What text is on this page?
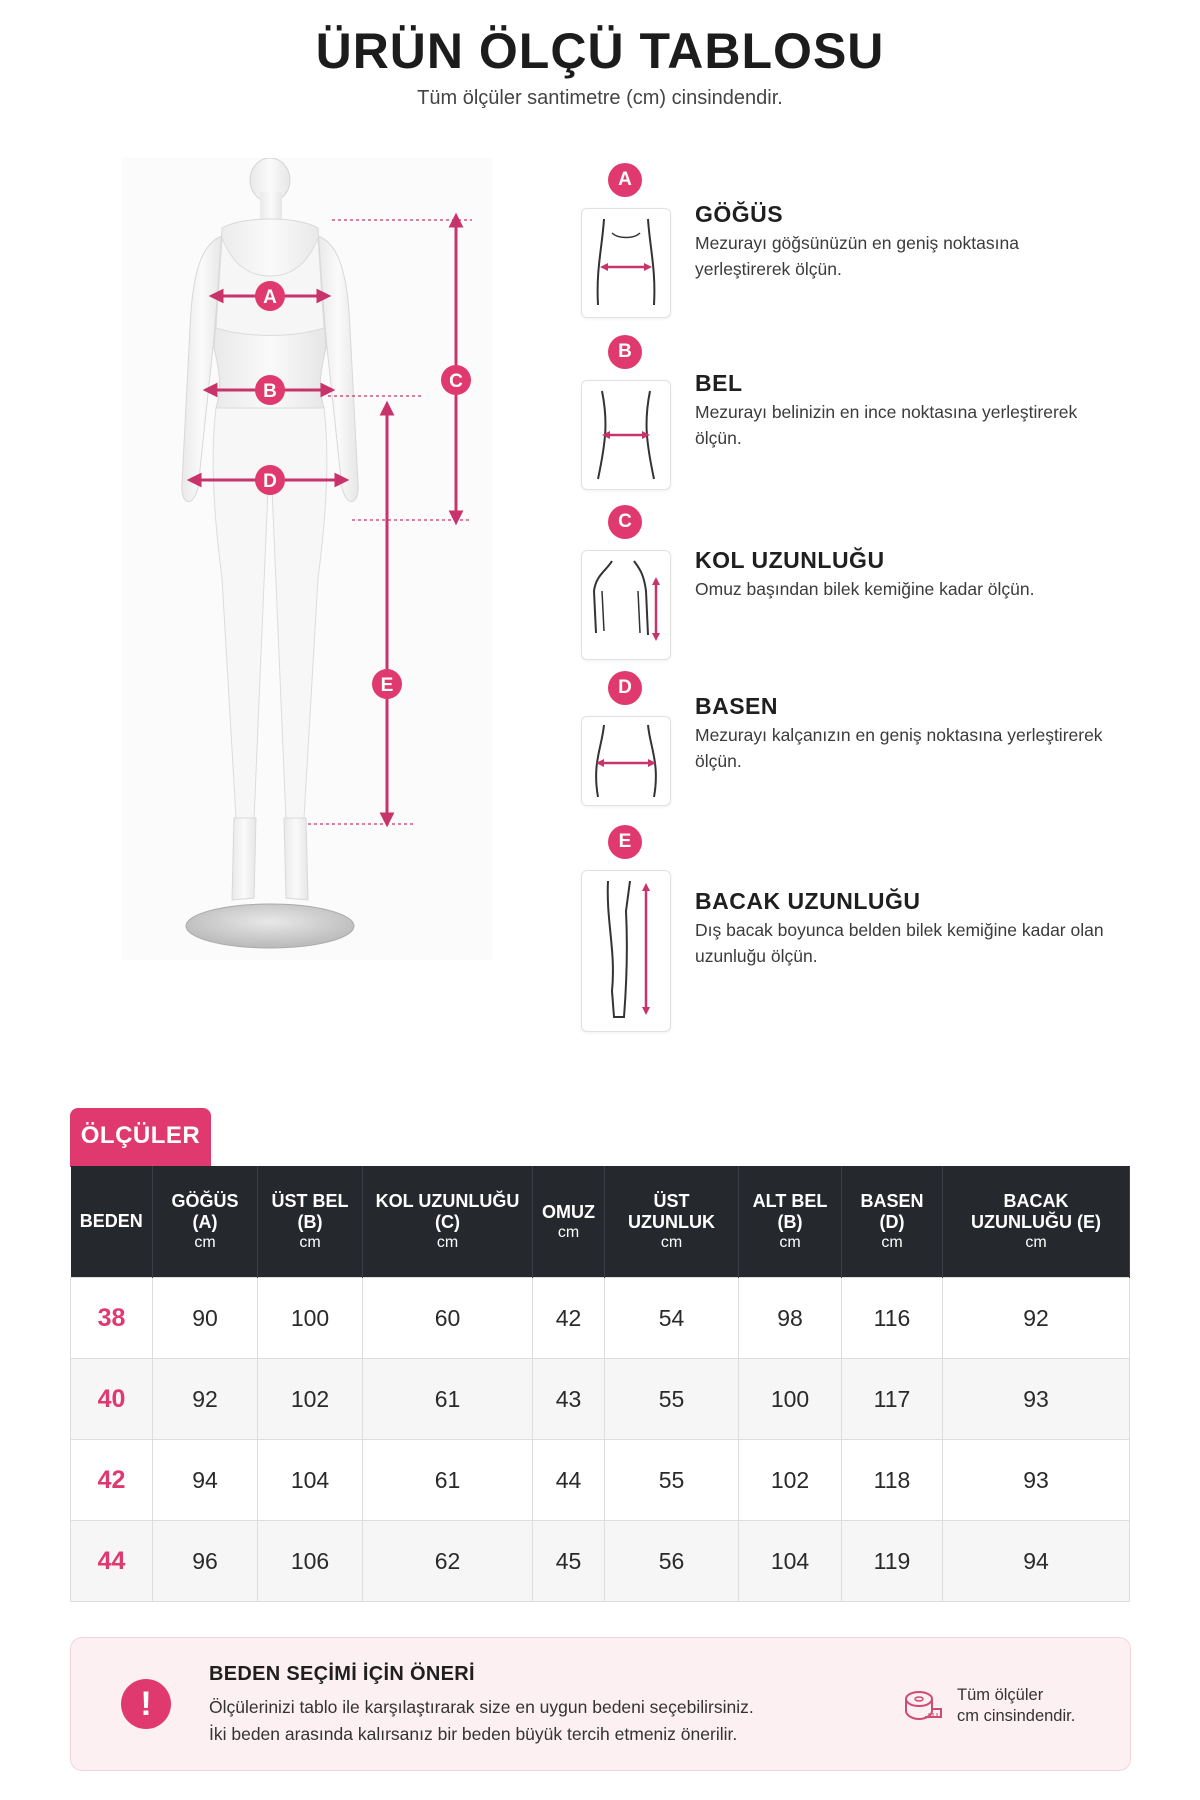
ÜRÜN ÖLÇÜ TABLOSU
Tüm ölçüler santimetre (cm) cinsindendir.
A
B	C
D
E
A
GÖĞÜS
Mezurayı göğsünüzün en geniş noktasına yerleştirerek ölçün.
B
BEL
Mezurayı belinizin en ince noktasına yerleştirerek ölçün.
C
KOL UZUNLUĞU
Omuz başından bilek kemiğine kadar ölçün.
D
BASEN
Mezurayı kalçanızın en geniş noktasına yerleştirerek ölçün.
E
BACAK UZUNLUĞU
Dış bacak boyunca belden bilek kemiğine kadar olan uzunluğu ölçün.
ÖLÇÜLER
BEDEN	GÖĞÜS
(A)
cm	ÜST BEL
(B)
cm	KOL UZUNLUĞU
(C)
cm	OMUZ
cm	ÜST
UZUNLUK
cm	ALT BEL
(B)
cm	BASEN
(D)
cm	BACAK
UZUNLUĞU (E)
cm

38	90	100	60	42	54	98	116	92
40	92	102	61	43	55	100	117	93
42	94	104	61	44	55	102	118	93
44	96	106	62	45	56	104	119	94
!
BEDEN SEÇİMİ İÇİN ÖNERİ
Ölçülerinizi tablo ile karşılaştırarak size en uygun bedeni seçebilirsiniz.
İki beden arasında kalırsanız bir beden büyük tercih etmeniz önerilir.
Tüm ölçüler
cm cinsindendir.
